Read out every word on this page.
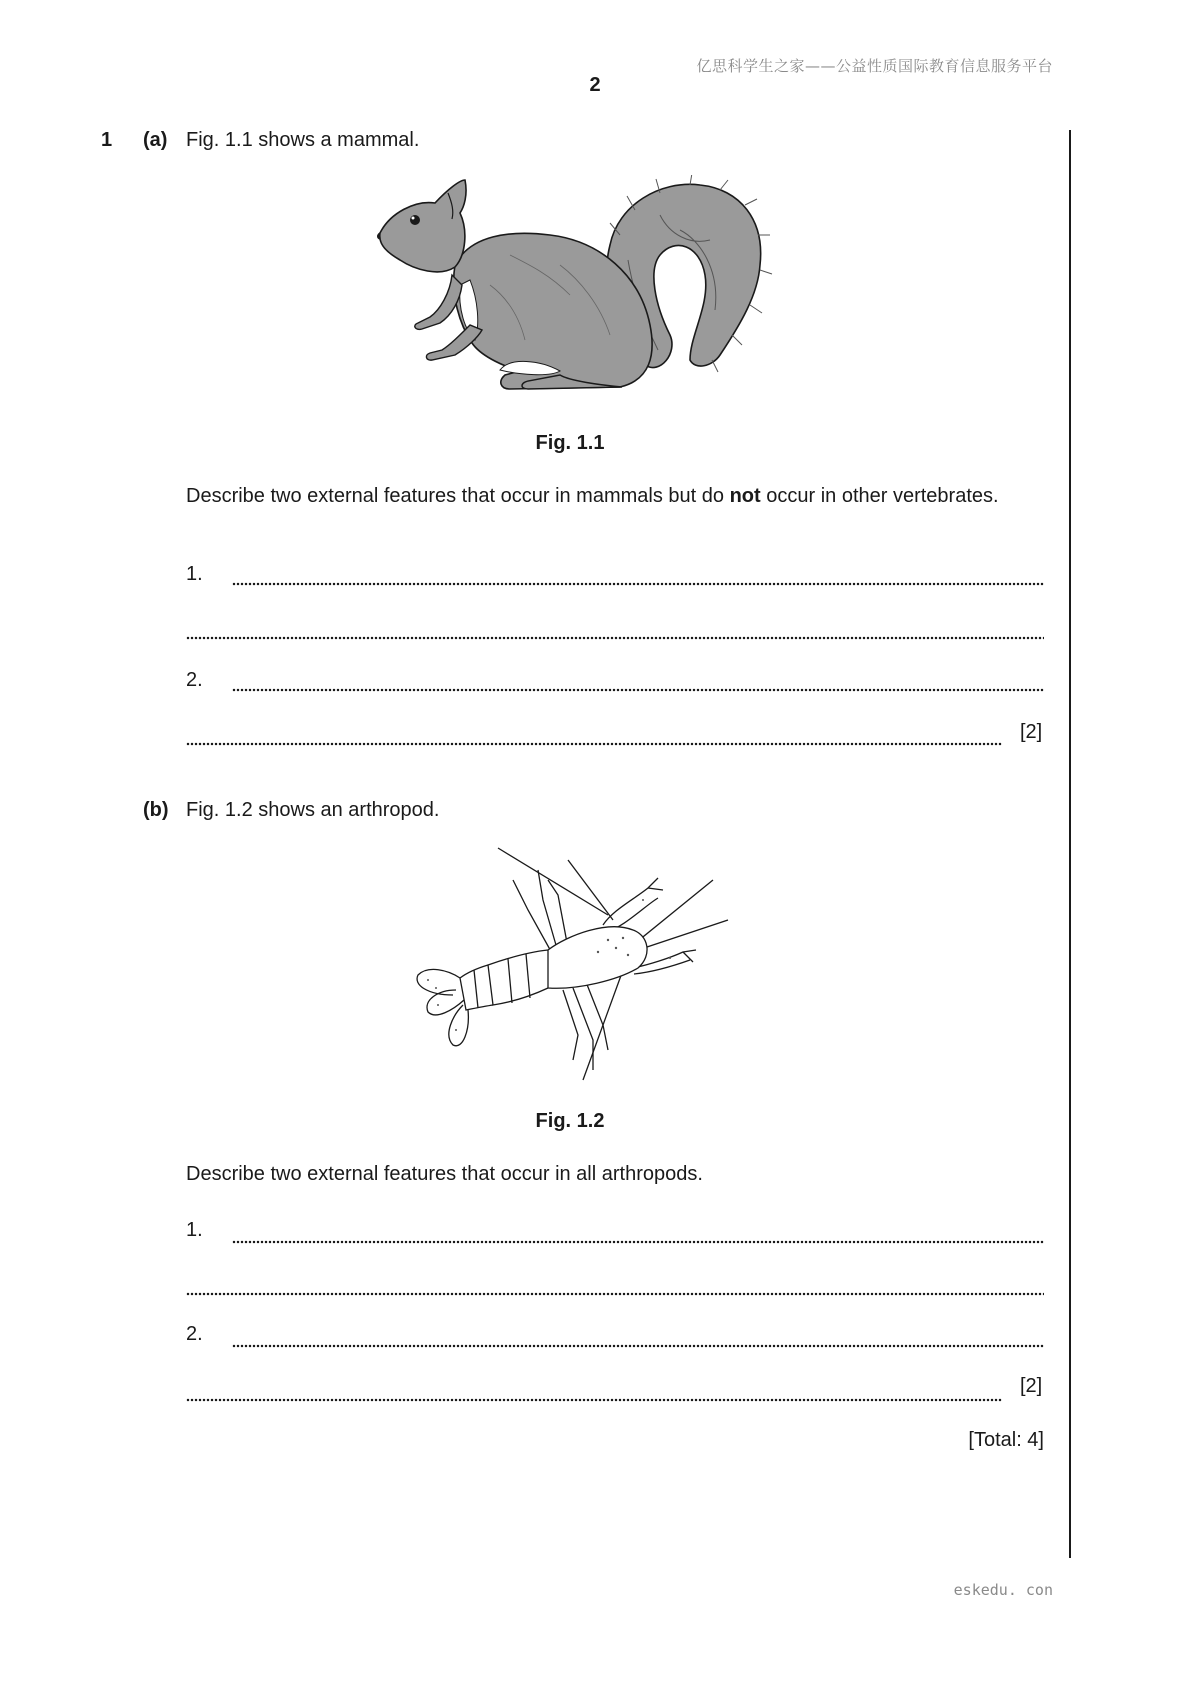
亿思科学生之家——公益性质国际教育信息服务平台
2
1 (a) Fig. 1.1 shows a mammal.
Fig. 1.1
Describe two external features that occur in mammals but do not occur in other vertebrates.
1.
2.
[2]
(b) Fig. 1.2 shows an arthropod.
Fig. 1.2
Describe two external features that occur in all arthropods.
1.
2.
[2]
[Total: 4]
eskedu. con
